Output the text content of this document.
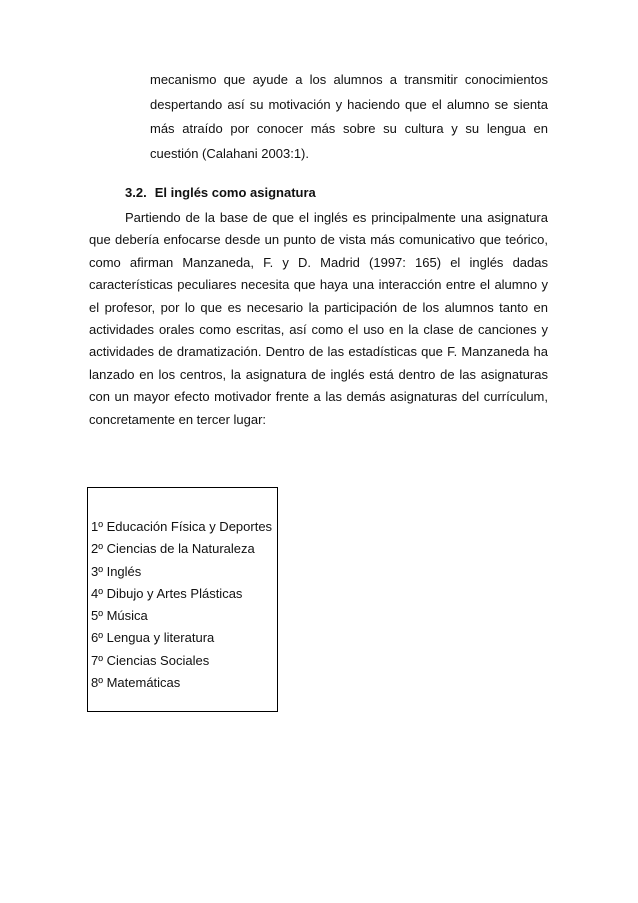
mecanismo que ayude a los alumnos a transmitir conocimientos
despertando así su motivación y haciendo que el alumno se sienta
más atraído por conocer más sobre su cultura y su lengua en
cuestión (Calahani 2003:1).
3.2. El inglés como asignatura
Partiendo de la base de que el inglés es principalmente una asignatura
que debería enfocarse desde un punto de vista más comunicativo que teórico,
como afirman Manzaneda, F. y D. Madrid (1997: 165) el inglés dadas
características peculiares necesita que haya una interacción entre el alumno y
el profesor, por lo que es necesario la participación de los alumnos tanto en
actividades orales como escritas, así como el uso en la clase de canciones y
actividades de dramatización. Dentro de las estadísticas que F. Manzaneda ha
lanzado en los centros, la asignatura de inglés está dentro de las asignaturas
con un mayor efecto motivador frente a las demás asignaturas del currículum,
concretamente en tercer lugar:
1º Educación Física y Deportes
2º Ciencias de la Naturaleza
3º Inglés
4º Dibujo y Artes Plásticas
5º Música
6º Lengua y literatura
7º Ciencias Sociales
8º Matemáticas
